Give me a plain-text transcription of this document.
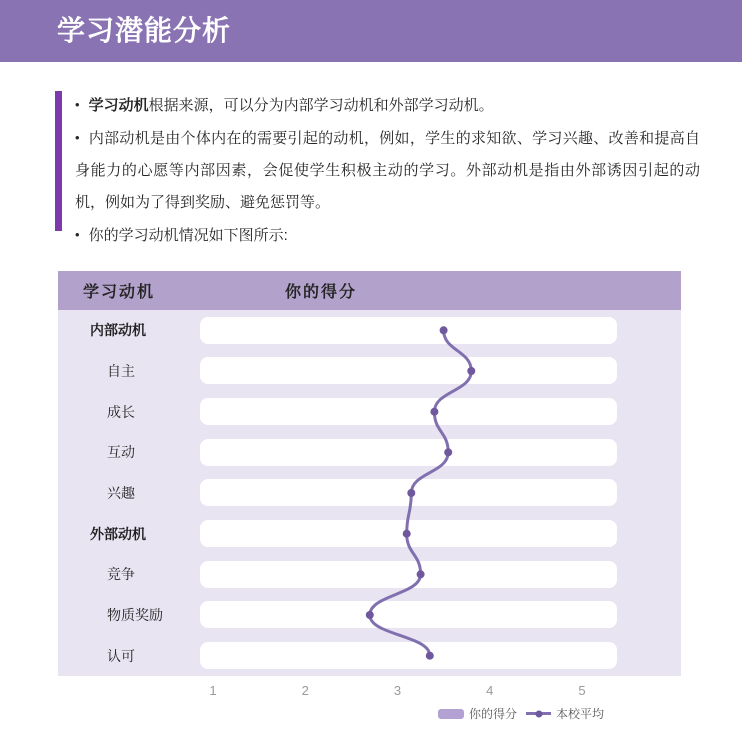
学习潜能分析

• 学习动机根据来源，可以分为内部学习动机和外部学习动机。

• 内部动机是由个体内在的需要引起的动机，例如，学生的求知欲、学习兴趣、改善和提高自身能力的心愿等内部因素，会促使学生积极主动的学习。外部动机是指由外部诱因引起的动机，例如为了得到奖励、避免惩罚等。

• 你的学习动机情况如下图所示:

学习动机	你的得分
内部动机
自主
成长
互动
兴趣
外部动机
竞争
物质奖励
认可
1	2	3	4	5
你的得分	本校平均
